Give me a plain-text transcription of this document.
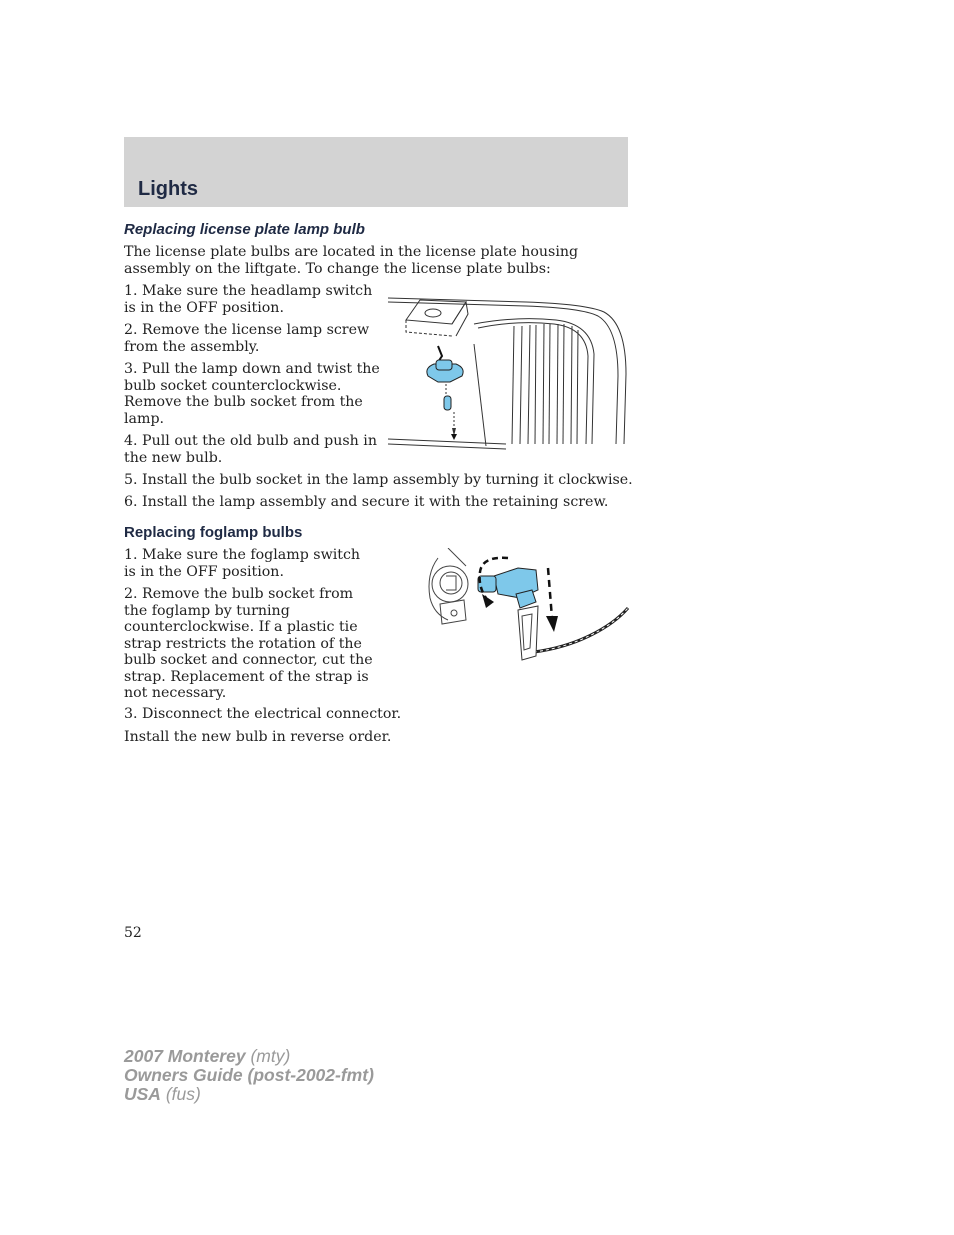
Lights
Replacing license plate lamp bulb
The license plate bulbs are located in the license plate housing assembly on the liftgate. To change the license plate bulbs:
1. Make sure the headlamp switch is in the OFF position.
2. Remove the license lamp screw from the assembly.
3. Pull the lamp down and twist the bulb socket counterclockwise. Remove the bulb socket from the lamp.
4. Pull out the old bulb and push in the new bulb.
5. Install the bulb socket in the lamp assembly by turning it clockwise.
6. Install the lamp assembly and secure it with the retaining screw.
Replacing foglamp bulbs
1. Make sure the foglamp switch is in the OFF position.
2. Remove the bulb socket from the foglamp by turning counterclockwise. If a plastic tie strap restricts the rotation of the bulb socket and connector, cut the strap. Replacement of the strap is not necessary.
3. Disconnect the electrical connector.
Install the new bulb in reverse order.
52
2007 Monterey (mty)
Owners Guide (post-2002-fmt)
USA (fus)
